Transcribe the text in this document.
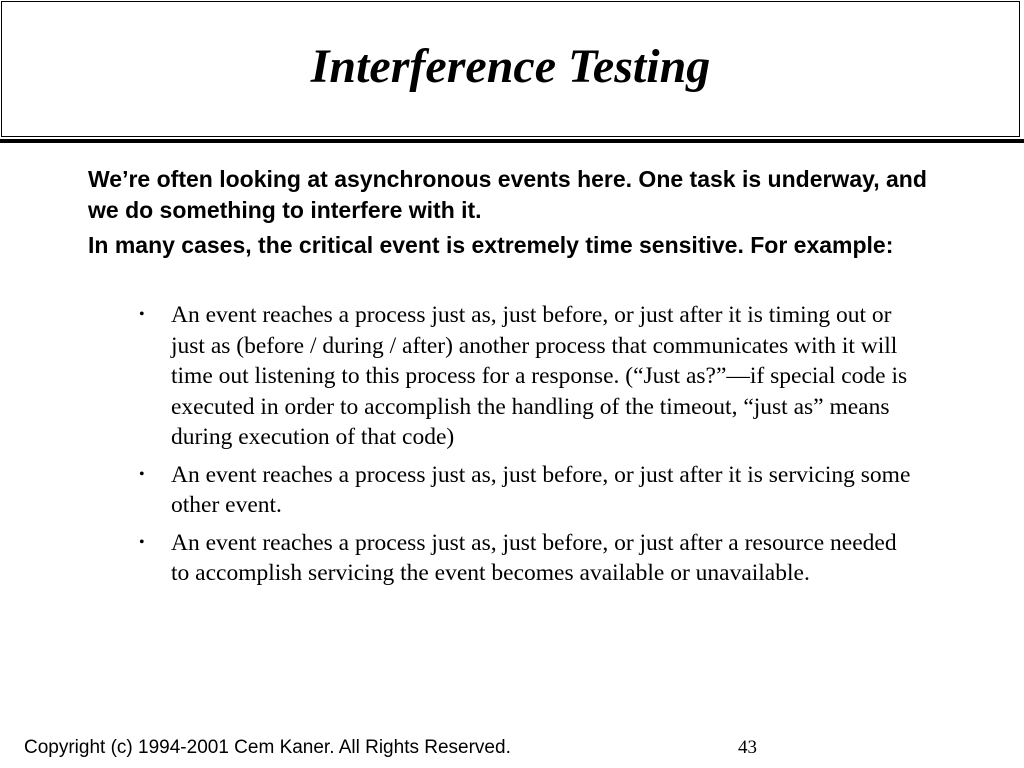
Interference Testing

We’re often looking at asynchronous events here. One task is underway, and we do something to interfere with it.

In many cases, the critical event is extremely time sensitive. For example:

• An event reaches a process just as, just before, or just after it is timing out or just as (before / during / after) another process that communicates with it will time out listening to this process for a response. (“Just as?”—if special code is executed in order to accomplish the handling of the timeout, “just as” means during execution of that code)
• An event reaches a process just as, just before, or just after it is servicing some other event.
• An event reaches a process just as, just before, or just after a resource needed to accomplish servicing the event becomes available or unavailable.
Copyright (c) 1994-2001 Cem Kaner. All Rights Reserved.	43
